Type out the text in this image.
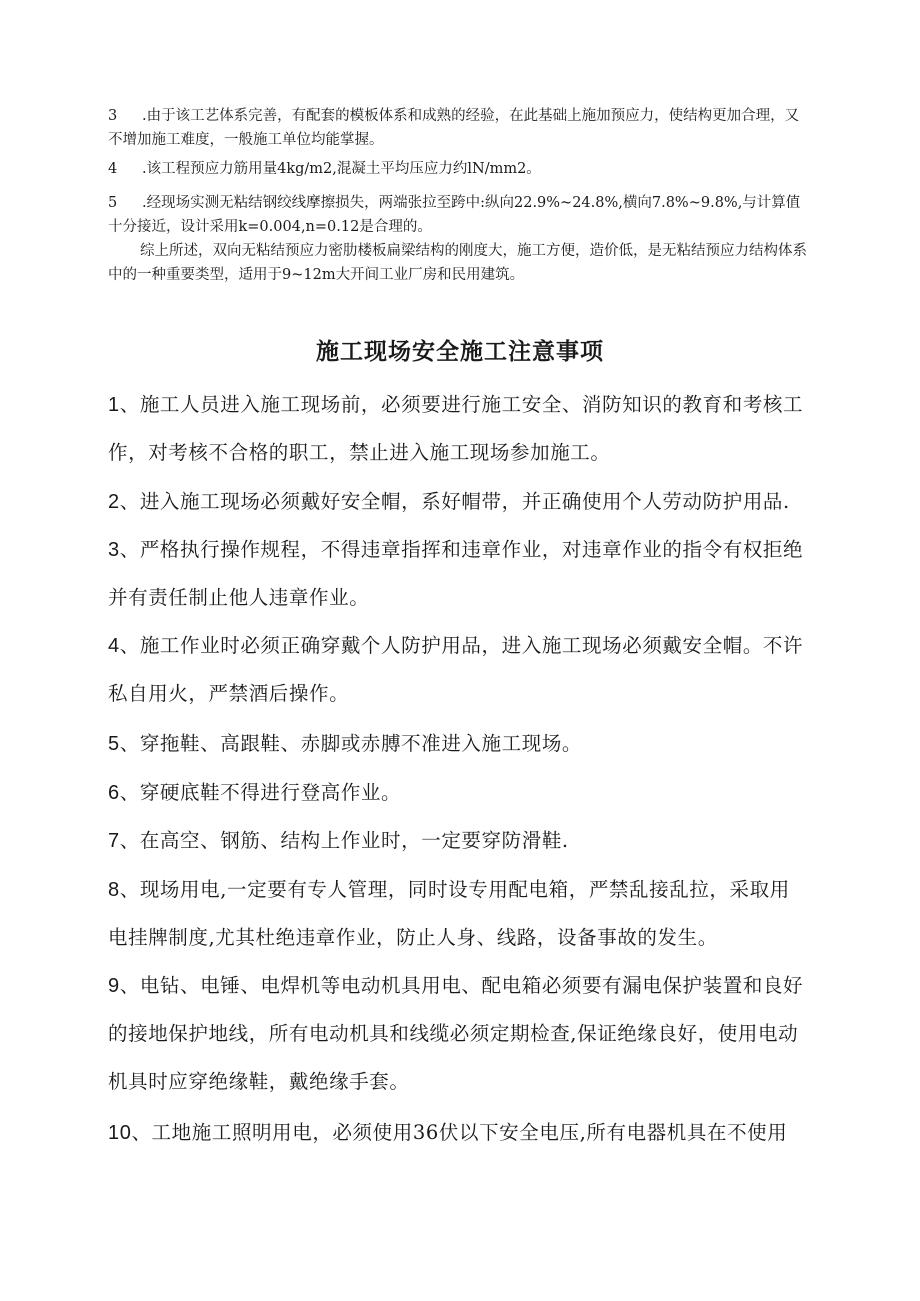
3 .由于该工艺体系完善，有配套的模板体系和成熟的经验，在此基础上施加预应力，使结构更加合理，又不增加施工难度，一般施工单位均能掌握。

4 .该工程预应力筋用量4kg∕m2,混凝土平均压应力约lN/mm2。

5 .经现场实测无粘结钢绞线摩擦损失，两端张拉至跨中:纵向22.9%~24.8%,横向7.8%~9.8%,与计算值十分接近，设计采用k=0.004,n=0.12是合理的。

综上所述，双向无粘结预应力密肋楼板扁梁结构的刚度大，施工方便，造价低，是无粘结预应力结构体系中的一种重要类型，适用于9~12m大开间工业厂房和民用建筑。

施工现场安全施工注意事项

1、施工人员进入施工现场前，必须要进行施工安全、消防知识的教育和考核工作，对考核不合格的职工，禁止进入施工现场参加施工。

2、进入施工现场必须戴好安全帽，系好帽带，并正确使用个人劳动防护用品.

3、严格执行操作规程，不得违章指挥和违章作业，对违章作业的指令有权拒绝并有责任制止他人违章作业。

4、施工作业时必须正确穿戴个人防护用品，进入施工现场必须戴安全帽。不许私自用火，严禁酒后操作。

5、穿拖鞋、高跟鞋、赤脚或赤膊不准进入施工现场。

6、穿硬底鞋不得进行登高作业。

7、在高空、钢筋、结构上作业时，一定要穿防滑鞋.

8、现场用电,一定要有专人管理，同时设专用配电箱，严禁乱接乱拉，采取用电挂牌制度,尤其杜绝违章作业，防止人身、线路，设备事故的发生。

9、电钻、电锤、电焊机等电动机具用电、配电箱必须要有漏电保护装置和良好的接地保护地线，所有电动机具和线缆必须定期检查,保证绝缘良好，使用电动机具时应穿绝缘鞋，戴绝缘手套。

10、工地施工照明用电，必须使用36伏以下安全电压,所有电器机具在不使用
